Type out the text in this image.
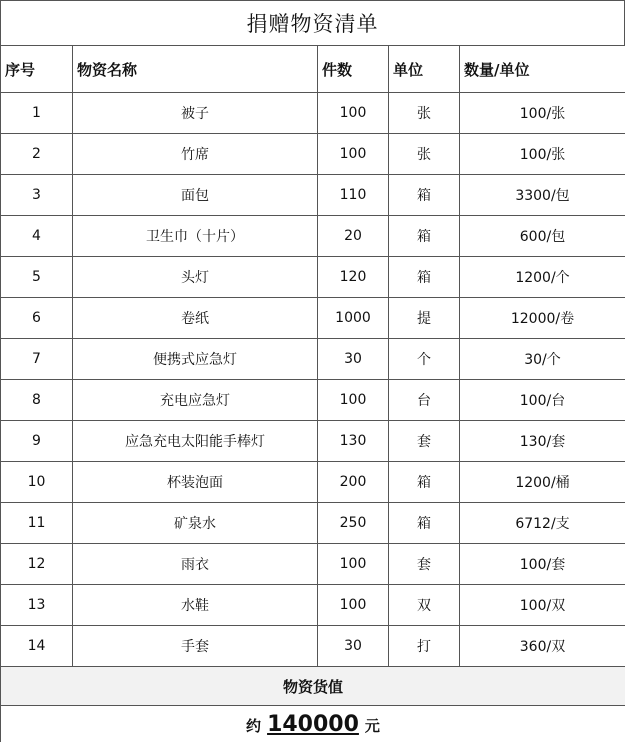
捐赠物资清单
序号	物资名称	件数	单位	数量/单位
1	被子	100	张	100/张
2	竹席	100	张	100/张
3	面包	110	箱	3300/包
4	卫生巾（十片）	20	箱	600/包
5	头灯	120	箱	1200/个
6	卷纸	1000	提	12000/卷
7	便携式应急灯	30	个	30/个
8	充电应急灯	100	台	100/台
9	应急充电太阳能手棒灯	130	套	130/套
10	杯装泡面	200	箱	1200/桶
11	矿泉水	250	箱	6712/支
12	雨衣	100	套	100/套
13	水鞋	100	双	100/双
14	手套	30	打	360/双
物资货值				
约 140000 元				
